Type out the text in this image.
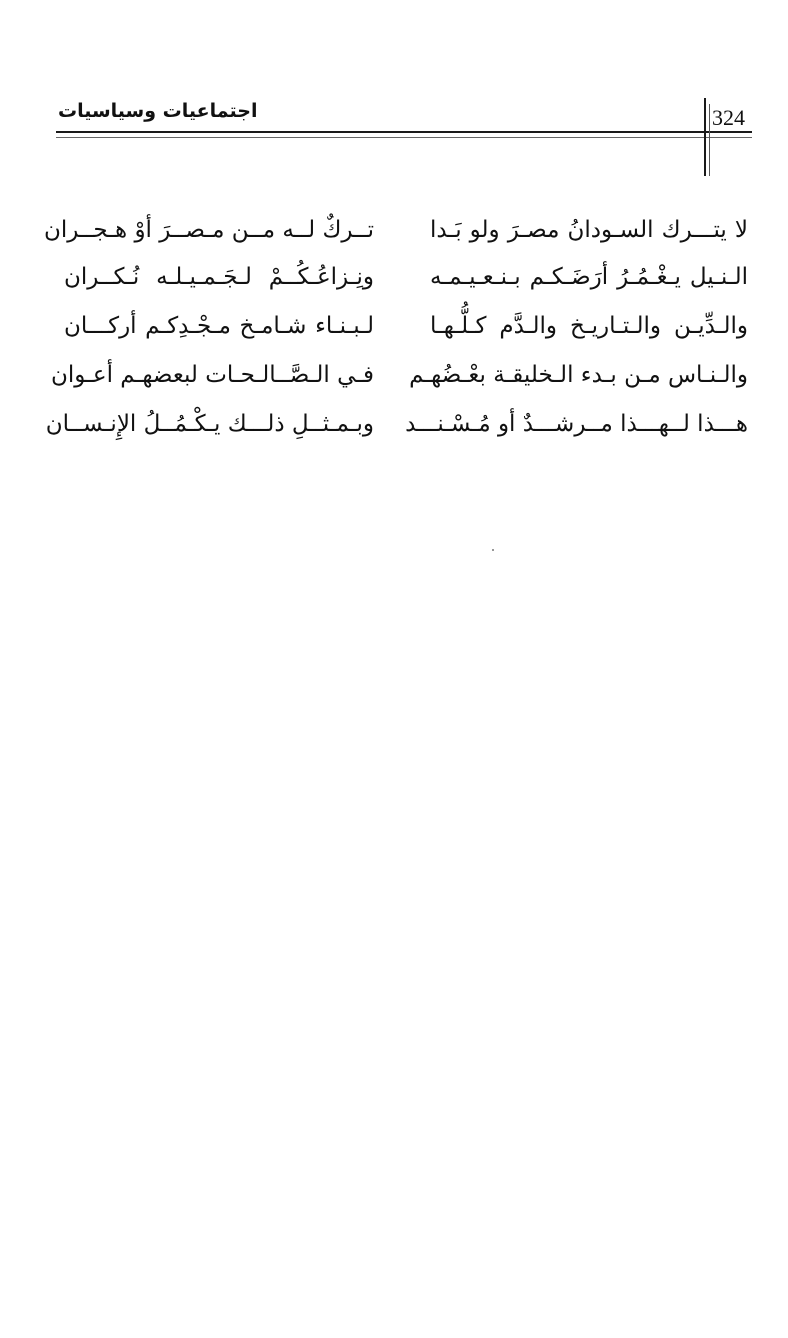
اجتماعيات وسياسيات	324
لا يتـــرك السـودانُ مصـرَ ولو بَـدا
تــركٌ لــه مــن مـصــرَ أوْ هـجــران
الـنـيل يـغْـمُـرُ أرَضَـكـم بـنـعـيـمـه
ونِـزاعُـكُــمْ لـجَـمـيـلـه نُـكــران
والـدِّيـن والـتـاريـخ والـدَّم كـلُّـهـا
لـبـنـاء شـامـخ مـجْـدِكـم أركـــان
والـنـاس مـن بـدء الـخليقـة بعْـضُهـم
فـي الـصَّــالـحـات لبعضهـم أعـوان
هـــذا لــهـــذا مــرشـــدٌ أو مُـسْـنـــد
وبـمـثــلِ ذلـــك يـكْـمُــلُ الإِنـســان
